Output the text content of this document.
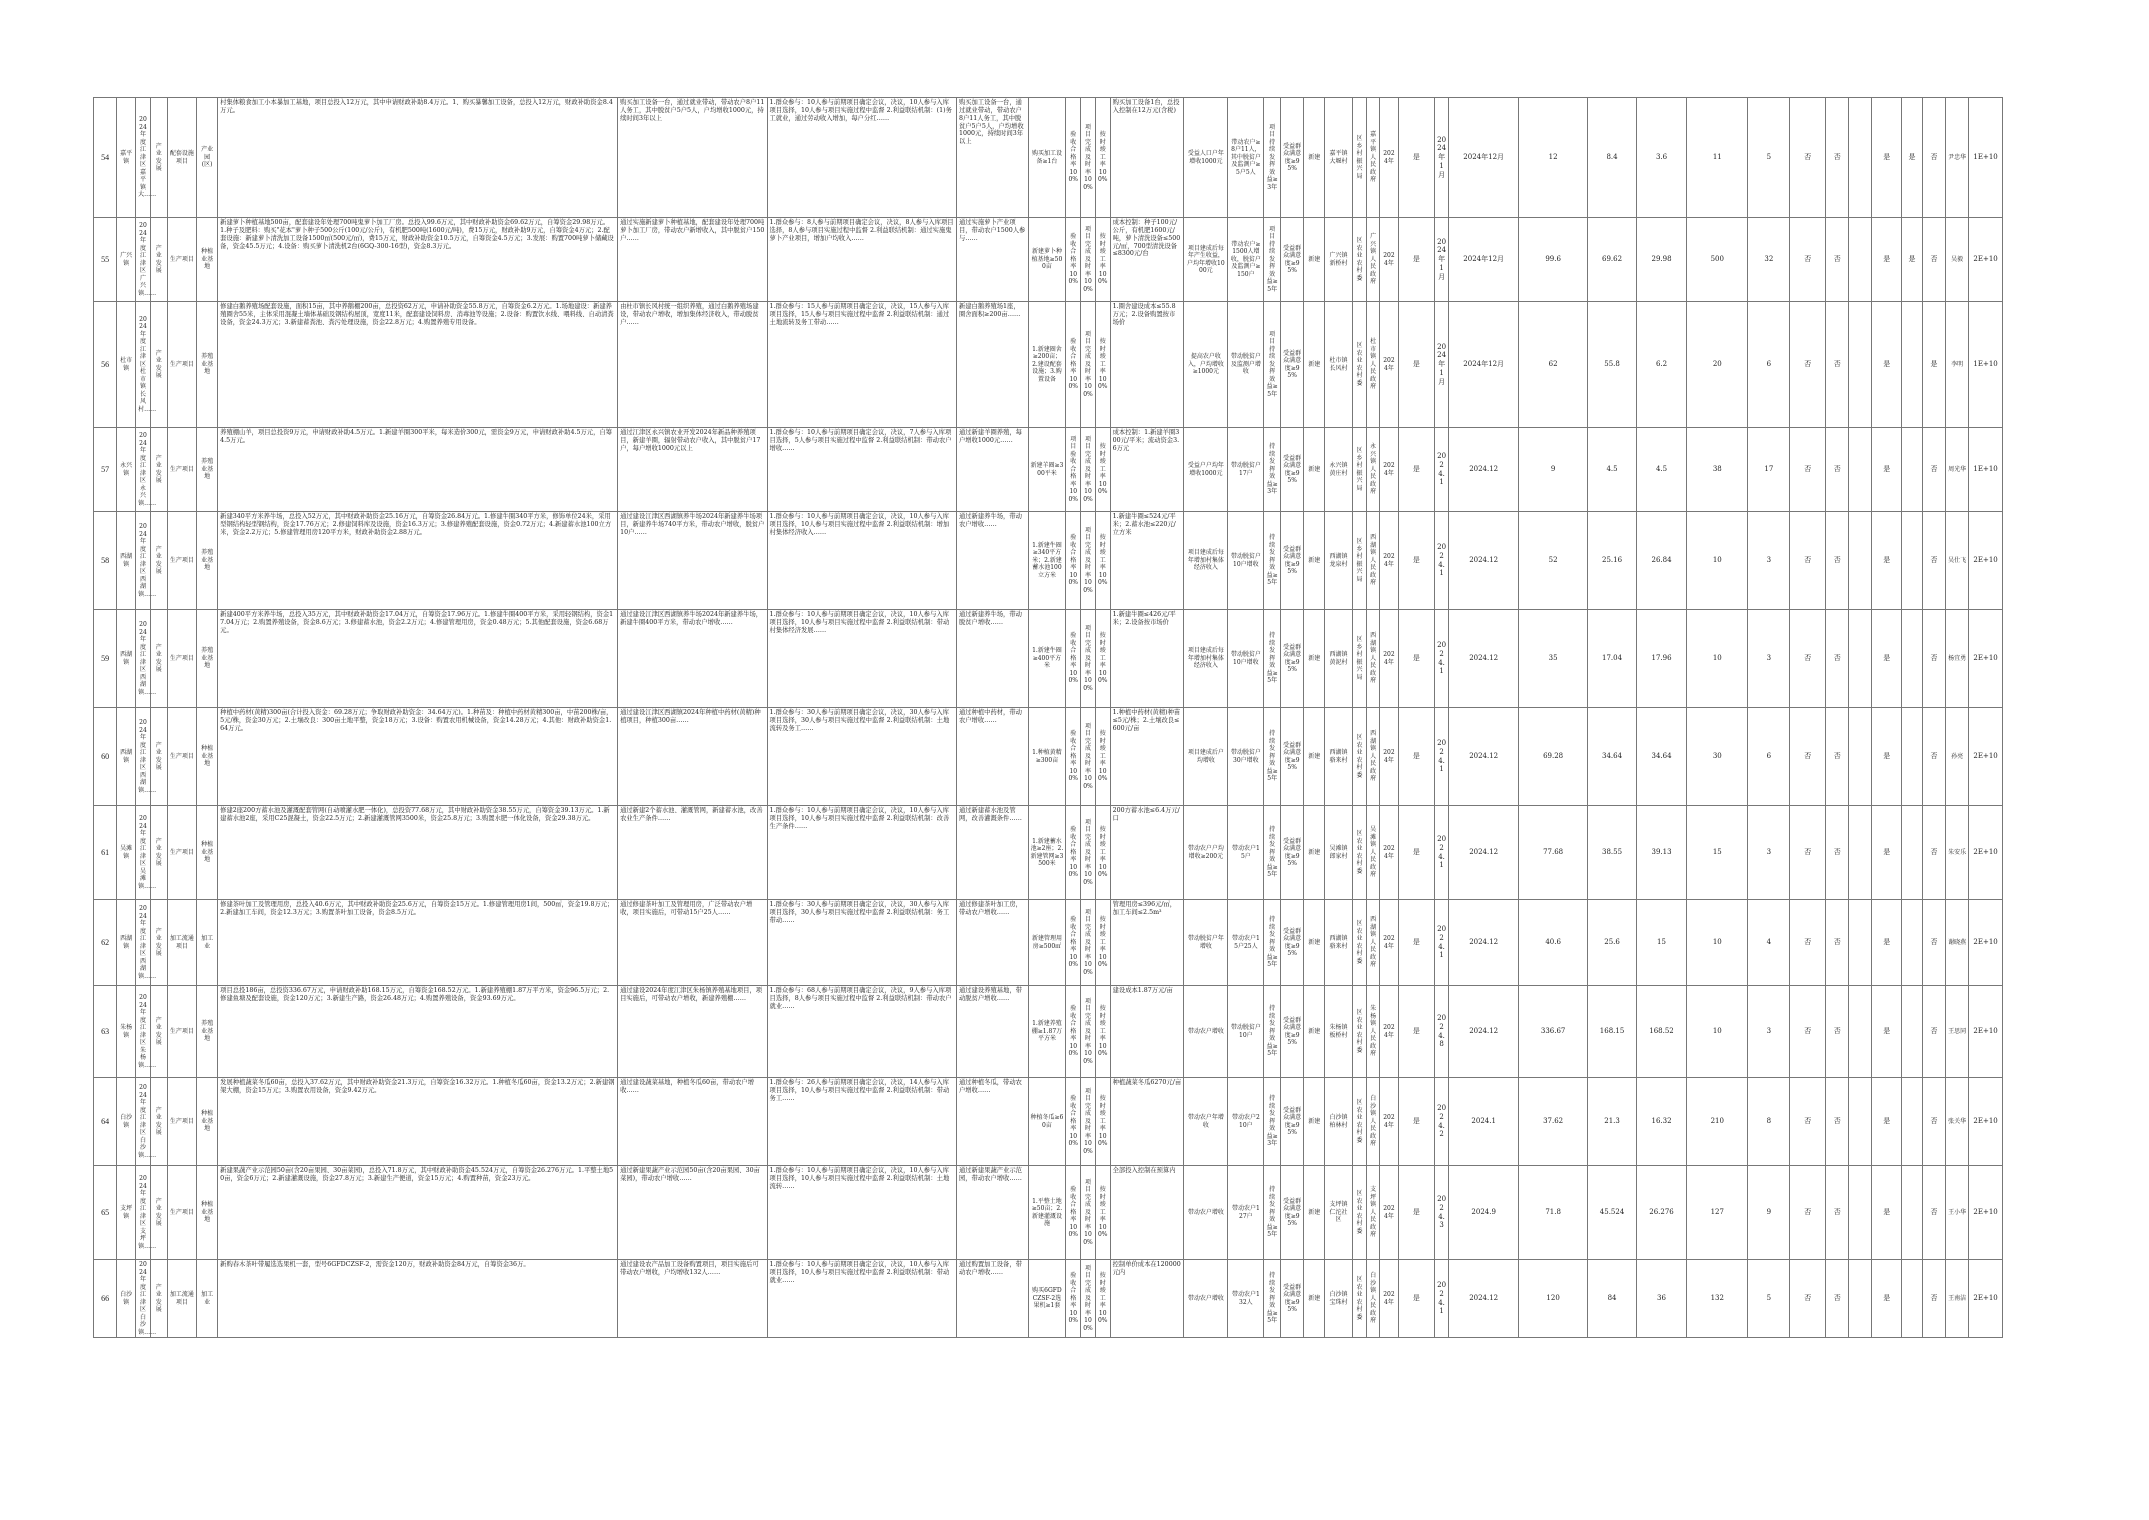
54	嘉平镇	2024年度江津区嘉平镇大……	产业发展	配套设施项目	产业园(区)	村集体粮食加工小本暴加工基地，项目总投入12万元，其中申请财政补助8.4万元。1、购买暴馨加工设备，总投入12万元，财政补助资金8.4万元。	购买加工设备一台，通过就业带动，带动农户8户11人务工，其中脱贫户5户5人，户均增收1000元，持续时间3年以上	1.群众参与：10人参与前期项目确定会议，决议，10人参与入库项目选择，10人参与项目实施过程中监督 2.利益联结机制：(1)务工就业，通过劳动收入增加，每户分红……	购买加工设备一台，通过就业带动，带动农户8户11人务工，其中脱贫户5户5人，户均增收1000元，持续时间3年以上	购买加工设备≥1台	验收合格率100%	项目完成及时率100%	按时竣工率100%	购买加工设备1台，总投入控制在12万元(含税)	受益人口户年增收1000元	带动农户≥8户11人，其中脱贫户及监测户≥5户5人	项目持续发挥效益≥3年	受益群众满意度≥95%	新建	嘉平镇大堰村	区乡村振兴局	嘉平镇人民政府	2024年	是	2024年1月	2024年12月	12	8.4	3.6	11	5	否	否		是	是	否	尹忠华	1E+10

55	广兴镇	2024年度江津区广兴镇……	产业发展	生产项目	种植业基地	新建萝卜种植基地500亩，配套建设年处理700吨鬼萝卜加工厂房。总投入99.6万元，其中财政补助资金69.62万元，自筹资金29.98万元。1.种子及肥料：购买"花本"萝卜种子500公斤(100元/公斤)，有机肥500吨(1600元/吨)，费15万元，财政补助9万元，自筹资金4万元；2.配套设施：新建萝卜清洗加工设备1500㎡(500元/㎡)，费15万元，财政补助资金10.5万元，自筹资金4.5万元；3.发展：购置700吨萝卜储藏设备，资金45.5万元；4.设备：购买萝卜清洗机2台(6GQ-300-16型)，资金8.3万元。	通过实施新建萝卜种植基地，配套建设年处理700吨萝卜加工厂房，带动农户新增收入，其中脱贫户150户……	1.群众参与：8人参与前期项目确定会议，决议，8人参与入库项目选择，8人参与项目实施过程中监督 2.利益联结机制：通过实施鬼萝卜产业项目，增加户均收入……	通过实施萝卜产业项目，带动农户1500人参与……	新建萝卜种植基地≥500亩	验收合格率100%	项目完成及时率100%	按时竣工率100%	成本控制：种子100元/公斤，有机肥1600元/吨，萝卜清洗设备≤500元/㎡，700型清洗设备≤8300元/台	项目建成后每年产生收益，户均年增收1000元	带动农户≥1500人增收，脱贫户及监测户≥150户	项目持续发挥效益≥5年	受益群众满意度≥95%	新建	广兴镇新桥村	区农业农村委	广兴镇人民政府	2024年	是	2024年1月	2024年12月	99.6	69.62	29.98	500	32	否	否		是	是	否	吴毅	2E+10

56	杜市镇	2024年度江津区杜市镇长风村……	产业发展	生产项目	养殖业基地	修建白鹅养殖场配套设施，面积15亩，其中养鹅棚200亩，总投资62万元，申请补助资金55.8万元，自筹资金6.2万元。1.场地建设：新建养殖圈舍55米，主体采用混凝土墙体基础及钢结构屋顶，宽度11米，配套建设饲料房、消毒池等设施；2.设备：购置饮水线、喂料线、自动清粪设备，资金24.3万元；3.新建蓄粪池、粪污处理设施，资金22.8万元；4.购置养殖专用设备。	由杜市镇长风村统一组织养殖，通过白鹅养殖场建设，带动农户增收，增加集体经济收入，带动脱贫户……	1.群众参与：15人参与前期项目确定会议，决议，15人参与入库项目选择，15人参与项目实施过程中监督 2.利益联结机制：通过土地流转及务工带动……	新建白鹅养殖场1座，圈舍面积≥200亩……	1.新建圈舍≥200亩；2.建设配套设施；3.购置设备	验收合格率100%	项目完成及时率100%	按时竣工率100%	1.圈舍建设成本≤55.8万元；2.设备购置按市场价	提高农户收入，户均增收≥1000元	带动脱贫户及监测户增收	项目持续发挥效益≥5年	受益群众满意度≥95%	新建	杜市镇长风村	区农业农村委	杜市镇人民政府	2024年	是	2024年1月	2024年12月	62	55.8	6.2	20	6	否	否		是		是	李明	1E+10

57	永兴镇	2024年度江津区永兴镇……	产业发展	生产项目	养殖业基地	养殖棚山羊，项目总投资9万元，申请财政补助4.5万元。1.新建羊圈300平米，每米造价300元，需资金9万元，申请财政补助4.5万元，自筹4.5万元。	通过江津区永兴镇农业开发2024年新品种养殖项目，新建羊圈，辐射带动农户收入，其中脱贫户17户，每户增收1000元以上	1.群众参与：10人参与前期项目确定会议，决议，7人参与入库项目选择，5人参与项目实施过程中监督 2.利益联结机制：带动农户增收……	通过新建羊圈养殖，每户增收1000元……	新建羊圈≥300平米	项目验收合格率100%	项目完成及时率100%	按时竣工率100%	成本控制：1.新建羊圈300元/平米；流动资金3.6万元	受益户户均年增收1000元	带动脱贫户17户	持续发挥效益≥3年	受益群众满意度≥95%	新建	永兴镇黄庄村	区乡村振兴局	永兴镇人民政府	2024年	是	2024.1	2024.12	9	4.5	4.5	38	17	否	否		是		否	周光华	1E+10

58	西湖镇	2024年度江津区西湖镇……	产业发展	生产项目	养殖业基地	新建340平方米养牛场，总投入52万元，其中财政补助资金25.16万元，自筹资金26.84万元。1.修建牛圈340平方米，修饰单位24米，采用型钢结构轻型钢结构，资金17.76万元；2.修建饲料库及设施，资金16.3万元；3.修建养殖配套设施，资金0.72万元；4.新建蓄水池100立方米，资金2.2万元；5.修建管理用房120平方米，财政补助资金2.88万元。	通过建设江津区西湖镇养牛场2024年新建养牛场项目，新建养牛场740平方米，带动农户增收，脱贫户10户……	1.群众参与：10人参与前期项目确定会议，决议，10人参与入库项目选择，10人参与项目实施过程中监督 2.利益联结机制：增加村集体经济收入……	通过新建养牛场，带动农户增收……	1.新建牛圈≥340平方米；2.新建蓄水池100立方米	验收合格率100%	项目完成及时率100%	按时竣工率100%	1.新建牛圈≤524元/平米；2.蓄水池≤220元/立方米	项目建成后每年增加村集体经济收入	带动脱贫户10户增收	持续发挥效益≥5年	受益群众满意度≥95%	新建	西湖镇龙泉村	区乡村振兴局	西湖镇人民政府	2024年	是	2024.1	2024.12	52	25.16	26.84	10	3	否	否		是		否	吴仕飞	2E+10

59	西湖镇	2024年度江津区西湖镇……	产业发展	生产项目	养殖业基地	新建400平方米养牛场，总投入35万元，其中财政补助资金17.04万元，自筹资金17.96万元。1.修建牛圈400平方米，采用轻钢结构，资金17.04万元；2.购置养殖设备，资金8.6万元；3.修建蓄水池，资金2.2万元；4.修建管理用房，资金0.48万元；5.其他配套设施，资金6.68万元。	通过建设江津区西湖镇养牛场2024年新建养牛场，新建牛圈400平方米，带动农户增收……	1.群众参与：10人参与前期项目确定会议，决议，10人参与入库项目选择，10人参与项目实施过程中监督 2.利益联结机制：带动村集体经济发展……	通过新建养牛场，带动脱贫户增收……	1.新建牛圈≥400平方米	验收合格率100%	项目完成及时率100%	按时竣工率100%	1.新建牛圈≤426元/平米；2.设备按市场价	项目建成后每年增加村集体经济收入	带动脱贫户10户增收	持续发挥效益≥5年	受益群众满意度≥95%	新建	西湖镇黄泥村	区乡村振兴局	西湖镇人民政府	2024年	是	2024.1	2024.12	35	17.04	17.96	10	3	否	否		是		否	杨宜勇	2E+10

60	西湖镇	2024年度江津区西湖镇……	产业发展	生产项目	种植业基地	种植中药材(黄精)300亩(合计投入资金：69.28万元；争取财政补助资金：34.64万元)。1.种苗及：种植中药材黄精300亩，中苗200株/亩，5元/株，资金30万元；2.土壤改良：300亩土地平整，资金18万元；3.设备：购置农用机械设备，资金14.28万元；4.其他：财政补助资金1.64万元。	通过建设江津区西湖镇2024年种植中药材(黄精)种植项目，种植300亩……	1.群众参与：30人参与前期项目确定会议，决议，30人参与入库项目选择，30人参与项目实施过程中监督 2.利益联结机制：土地流转及务工……	通过种植中药材，带动农户增收……	1.种植黄精≥300亩	验收合格率100%	项目完成及时率100%	按时竣工率100%	1.种植中药材(黄精)种苗≤5元/株；2.土壤改良≤600元/亩	项目建成后户均增收	带动脱贫户30户增收	持续发挥效益≥5年	受益群众满意度≥95%	新建	西湖镇骆来村	区农业农村委	西湖镇人民政府	2024年	是	2024.1	2024.12	69.28	34.64	34.64	30	6	否	否		是		否	孙亮	2E+10

61	吴滩镇	2024年度江津区吴滩镇……	产业发展	生产项目	种植业基地	修建2座200方蓄水池及灌溉配套管网(自动喷灌水肥一体化)，总投资77.68万元，其中财政补助资金38.55万元，自筹资金39.13万元。1.新建蓄水池2座，采用C25混凝土，资金22.5万元；2.新建灌溉管网3500米，资金25.8万元；3.购置水肥一体化设备，资金29.38万元。	通过新建2个蓄水池、灌溉管网，新建蓄水池，改善农业生产条件……	1.群众参与：10人参与前期项目确定会议，决议，10人参与入库项目选择，10人参与项目实施过程中监督 2.利益联结机制：改善生产条件……	通过新建蓄水池及管网，改善灌溉条件……	1.新建蓄水池≥2座；2.新建管网≥3500米	验收合格率100%	项目完成及时率100%	按时竣工率100%	200方蓄水池≤6.4万元/口	带动农户户均增收≥200元	带动农户15户	持续发挥效益≥5年	受益群众满意度≥95%	新建	吴滩镇郎家村	区农业农村委	吴滩镇人民政府	2024年	是	2024.1	2024.12	77.68	38.55	39.13	15	3	否	否		是		否	朱安乐	2E+10

62	西湖镇	2024年度江津区西湖镇……	产业发展	加工流通项目	加工业	修建茶叶加工及管理用房，总投入40.6万元，其中财政补助资金25.6万元，自筹资金15万元。1.修建管理用房1间，500㎡，资金19.8万元；2.新建加工车间，资金12.3万元；3.购置茶叶加工设备，资金8.5万元。	通过修建茶叶加工及管理用房，广泛带动农户增收，项目实施后，可带动15户25人……	1.群众参与：30人参与前期项目确定会议，决议，30人参与入库项目选择，30人参与项目实施过程中监督 2.利益联结机制：务工带动……	通过修建茶叶加工房，带动农户增收……	新建管理用房≥500㎡	验收合格率100%	项目完成及时率100%	按时竣工率100%	管理用房≤396元/㎡，加工车间≤2.5m³	带动脱贫户年增收	带动农户15户25人	持续发挥效益≥5年	受益群众满意度≥95%	新建	西湖镇骆来村	区农业农村委	西湖镇人民政府	2024年	是	2024.1	2024.12	40.6	25.6	15	10	4	否	否		是		否	谢晓燕	2E+10

63	朱杨镇	2024年度江津区朱杨镇……	产业发展	生产项目	养殖业基地	项目总投186亩，总投资336.67万元，申请财政补助168.15万元，自筹资金168.52万元。1.新建养殖棚1.87万平方米，资金96.5万元；2.修建鱼塘及配套设施，资金120万元；3.新建生产路，资金26.48万元；4.购置养殖设备，资金93.69万元。	通过建设2024年度江津区朱杨镇养殖基地项目，项目实施后，可带动农户增收，新建养殖棚……	1.群众参与：68人参与前期项目确定会议，决议，9人参与入库项目选择，8人参与项目实施过程中监督 2.利益联结机制：带动农户就业……	通过建设养殖基地，带动脱贫户增收……	1.新建养殖棚≥1.87万平方米	验收合格率100%	项目完成及时率100%	按时竣工率100%	建设成本1.87万元/亩	带动农户增收	带动脱贫户10户	持续发挥效益≥5年	受益群众满意度≥95%	新建	朱杨镇板桥村	区农业农村委	朱杨镇人民政府	2024年	是	2024.8	2024.12	336.67	168.15	168.52	10	3	否	否		是		否	王思同	2E+10

64	白沙镇	2024年度江津区白沙镇……	产业发展	生产项目	种植业基地	发展种植蔬菜冬瓜60亩，总投入37.62万元，其中财政补助资金21.3万元，自筹资金16.32万元。1.种植冬瓜60亩，资金13.2万元；2.新建钢架大棚，资金15万元；3.购置农用设备，资金9.42万元。	通过建设蔬菜基地，种植冬瓜60亩，带动农户增收……	1.群众参与：26人参与前期项目确定会议，决议，14人参与入库项目选择，10人参与项目实施过程中监督 2.利益联结机制：带动务工……	通过种植冬瓜，带动农户增收……	种植冬瓜≥60亩	验收合格率100%	项目完成及时率100%	按时竣工率100%	种植蔬菜冬瓜6270元/亩	带动农户年增收	带动农户210户	持续发挥效益≥3年	受益群众满意度≥95%	新建	白沙镇柏林村	区农业农村委	白沙镇人民政府	2024年	是	2024.2	2024.1	37.62	21.3	16.32	210	8	否	否		是		否	张关华	2E+10

65	支坪镇	2024年度江津区支坪镇……	产业发展	生产项目	种植业基地	新建果蔬产业示范园50亩(含20亩果园、30亩菜园)，总投入71.8万元，其中财政补助资金45.524万元，自筹资金26.276万元。1.平整土地50亩，资金6万元；2.新建灌溉设施，资金27.8万元；3.新建生产便道，资金15万元；4.购置种苗，资金23万元。	通过新建果蔬产业示范园50亩(含20亩果园、30亩菜园)，带动农户增收……	1.群众参与：10人参与前期项目确定会议，决议，10人参与入库项目选择，10人参与项目实施过程中监督 2.利益联结机制：土地流转……	通过新建果蔬产业示范园，带动农户增收……	1.平整土地≥50亩；2.新建灌溉设施	验收合格率100%	项目完成及时率100%	按时竣工率100%	全部投入控制在预算内	带动农户增收	带动农户127户	持续发挥效益≥5年	受益群众满意度≥95%	新建	支坪镇仁沱社区	区农业农村委	支坪镇人民政府	2024年	是	2024.3	2024.9	71.8	45.524	26.276	127	9	否	否		是		否	王小华	2E+10

66	白沙镇	2024年度江津区白沙镇……	产业发展	加工流通项目	加工业	新购春木茶叶带履选选果机一套，型号6GFDCZSF-2，需资金120万，财政补助资金84万元，自筹资金36万。	通过建设农产品加工设备购置项目，项目实施后可带动农户增收，户均增收132人……	1.群众参与：10人参与前期项目确定会议，决议，10人参与入库项目选择，10人参与项目实施过程中监督 2.利益联结机制：带动就业……	通过购置加工设备，带动农户增收……	购买6GFDCZSF-2选果机≥1套	验收合格率100%	项目完成及时率100%	按时竣工率100%	控制单价成本在120000元内	带动农户增收	带动农户132人	持续发挥效益≥5年	受益群众满意度≥95%	新建	白沙镇宝珠村	区农业农村委	白沙镇人民政府	2024年	是	2024.1	2024.12	120	84	36	132	5	否	否		是		否	王南洁	2E+10
